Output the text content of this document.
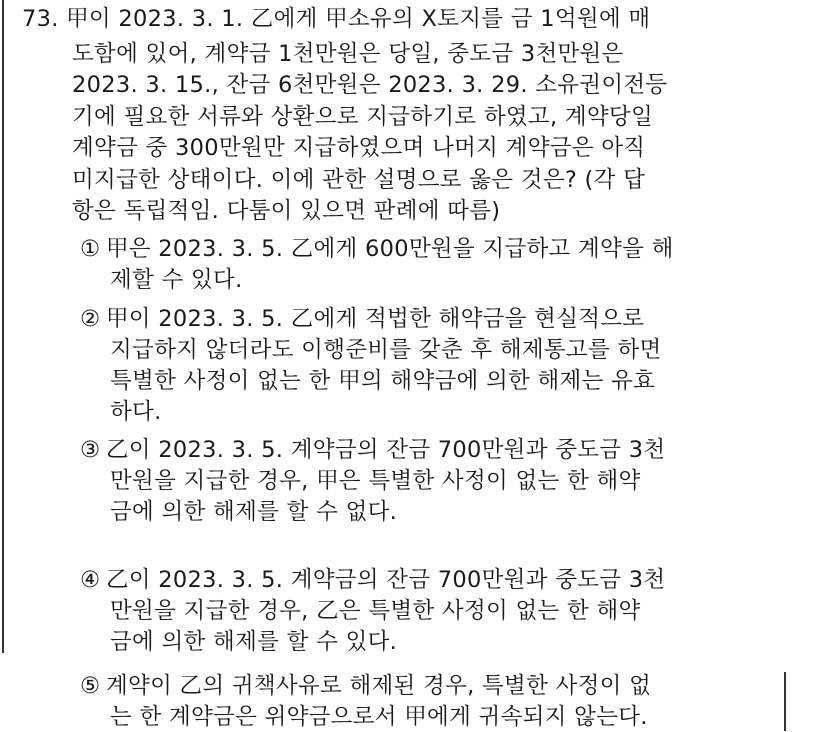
73. 甲이 2023. 3. 1. 乙에게 甲소유의 X토지를 금 1억원에 매
도함에 있어, 계약금 1천만원은 당일, 중도금 3천만원은
2023. 3. 15., 잔금 6천만원은 2023. 3. 29. 소유권이전등
기에 필요한 서류와 상환으로 지급하기로 하였고, 계약당일
계약금 중 300만원만 지급하였으며 나머지 계약금은 아직
미지급한 상태이다. 이에 관한 설명으로 옳은 것은? (각 답
항은 독립적임. 다툼이 있으면 판례에 따름)
① 甲은 2023. 3. 5. 乙에게 600만원을 지급하고 계약을 해
제할 수 있다.
② 甲이 2023. 3. 5. 乙에게 적법한 해약금을 현실적으로
지급하지 않더라도 이행준비를 갖춘 후 해제통고를 하면
특별한 사정이 없는 한 甲의 해약금에 의한 해제는 유효
하다.
③ 乙이 2023. 3. 5. 계약금의 잔금 700만원과 중도금 3천
만원을 지급한 경우, 甲은 특별한 사정이 없는 한 해약
금에 의한 해제를 할 수 없다.
④ 乙이 2023. 3. 5. 계약금의 잔금 700만원과 중도금 3천
만원을 지급한 경우, 乙은 특별한 사정이 없는 한 해약
금에 의한 해제를 할 수 있다.
⑤ 계약이 乙의 귀책사유로 해제된 경우, 특별한 사정이 없
는 한 계약금은 위약금으로서 甲에게 귀속되지 않는다.
